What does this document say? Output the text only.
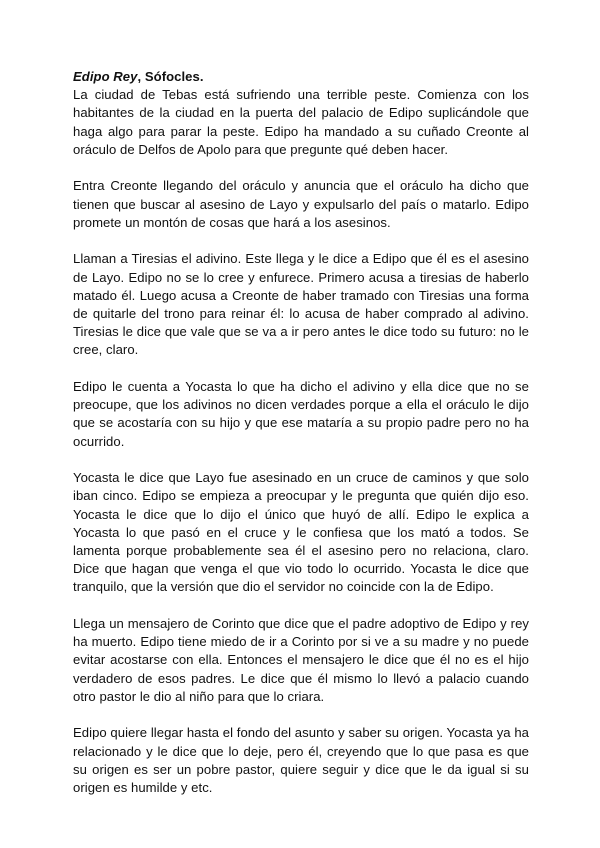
Edipo Rey, Sófocles.

La ciudad de Tebas está sufriendo una terrible peste. Comienza con los habitantes de la ciudad en la puerta del palacio de Edipo suplicándole que haga algo para parar la peste. Edipo ha mandado a su cuñado Creonte al oráculo de Delfos de Apolo para que pregunte qué deben hacer.

Entra Creonte llegando del oráculo y anuncia que el oráculo ha dicho que tienen que buscar al asesino de Layo y expulsarlo del país o matarlo. Edipo promete un montón de cosas que hará a los asesinos.

Llaman a Tiresias el adivino. Este llega y le dice a Edipo que él es el asesino de Layo. Edipo no se lo cree y enfurece. Primero acusa a tiresias de haberlo matado él. Luego acusa a Creonte de haber tramado con Tiresias una forma de quitarle del trono para reinar él: lo acusa de haber comprado al adivino. Tiresias le dice que vale que se va a ir pero antes le dice todo su futuro: no le cree, claro.

Edipo le cuenta a Yocasta lo que ha dicho el adivino y ella dice que no se preocupe, que los adivinos no dicen verdades porque a ella el oráculo le dijo que se acostaría con su hijo y que ese mataría a su propio padre pero no ha ocurrido.

Yocasta le dice que Layo fue asesinado en un cruce de caminos y que solo iban cinco. Edipo se empieza a preocupar y le pregunta que quién dijo eso. Yocasta le dice que lo dijo el único que huyó de allí. Edipo le explica a Yocasta lo que pasó en el cruce y le confiesa que los mató a todos. Se lamenta porque probablemente sea él el asesino pero no relaciona, claro. Dice que hagan que venga el que vio todo lo ocurrido. Yocasta le dice que tranquilo, que la versión que dio el servidor no coincide con la de Edipo.

Llega un mensajero de Corinto que dice que el padre adoptivo de Edipo y rey ha muerto. Edipo tiene miedo de ir a Corinto por si ve a su madre y no puede evitar acostarse con ella. Entonces el mensajero le dice que él no es el hijo verdadero de esos padres. Le dice que él mismo lo llevó a palacio cuando otro pastor le dio al niño para que lo criara.

Edipo quiere llegar hasta el fondo del asunto y saber su origen. Yocasta ya ha relacionado y le dice que lo deje, pero él, creyendo que lo que pasa es que su origen es ser un pobre pastor, quiere seguir y dice que le da igual si su origen es humilde y etc.
